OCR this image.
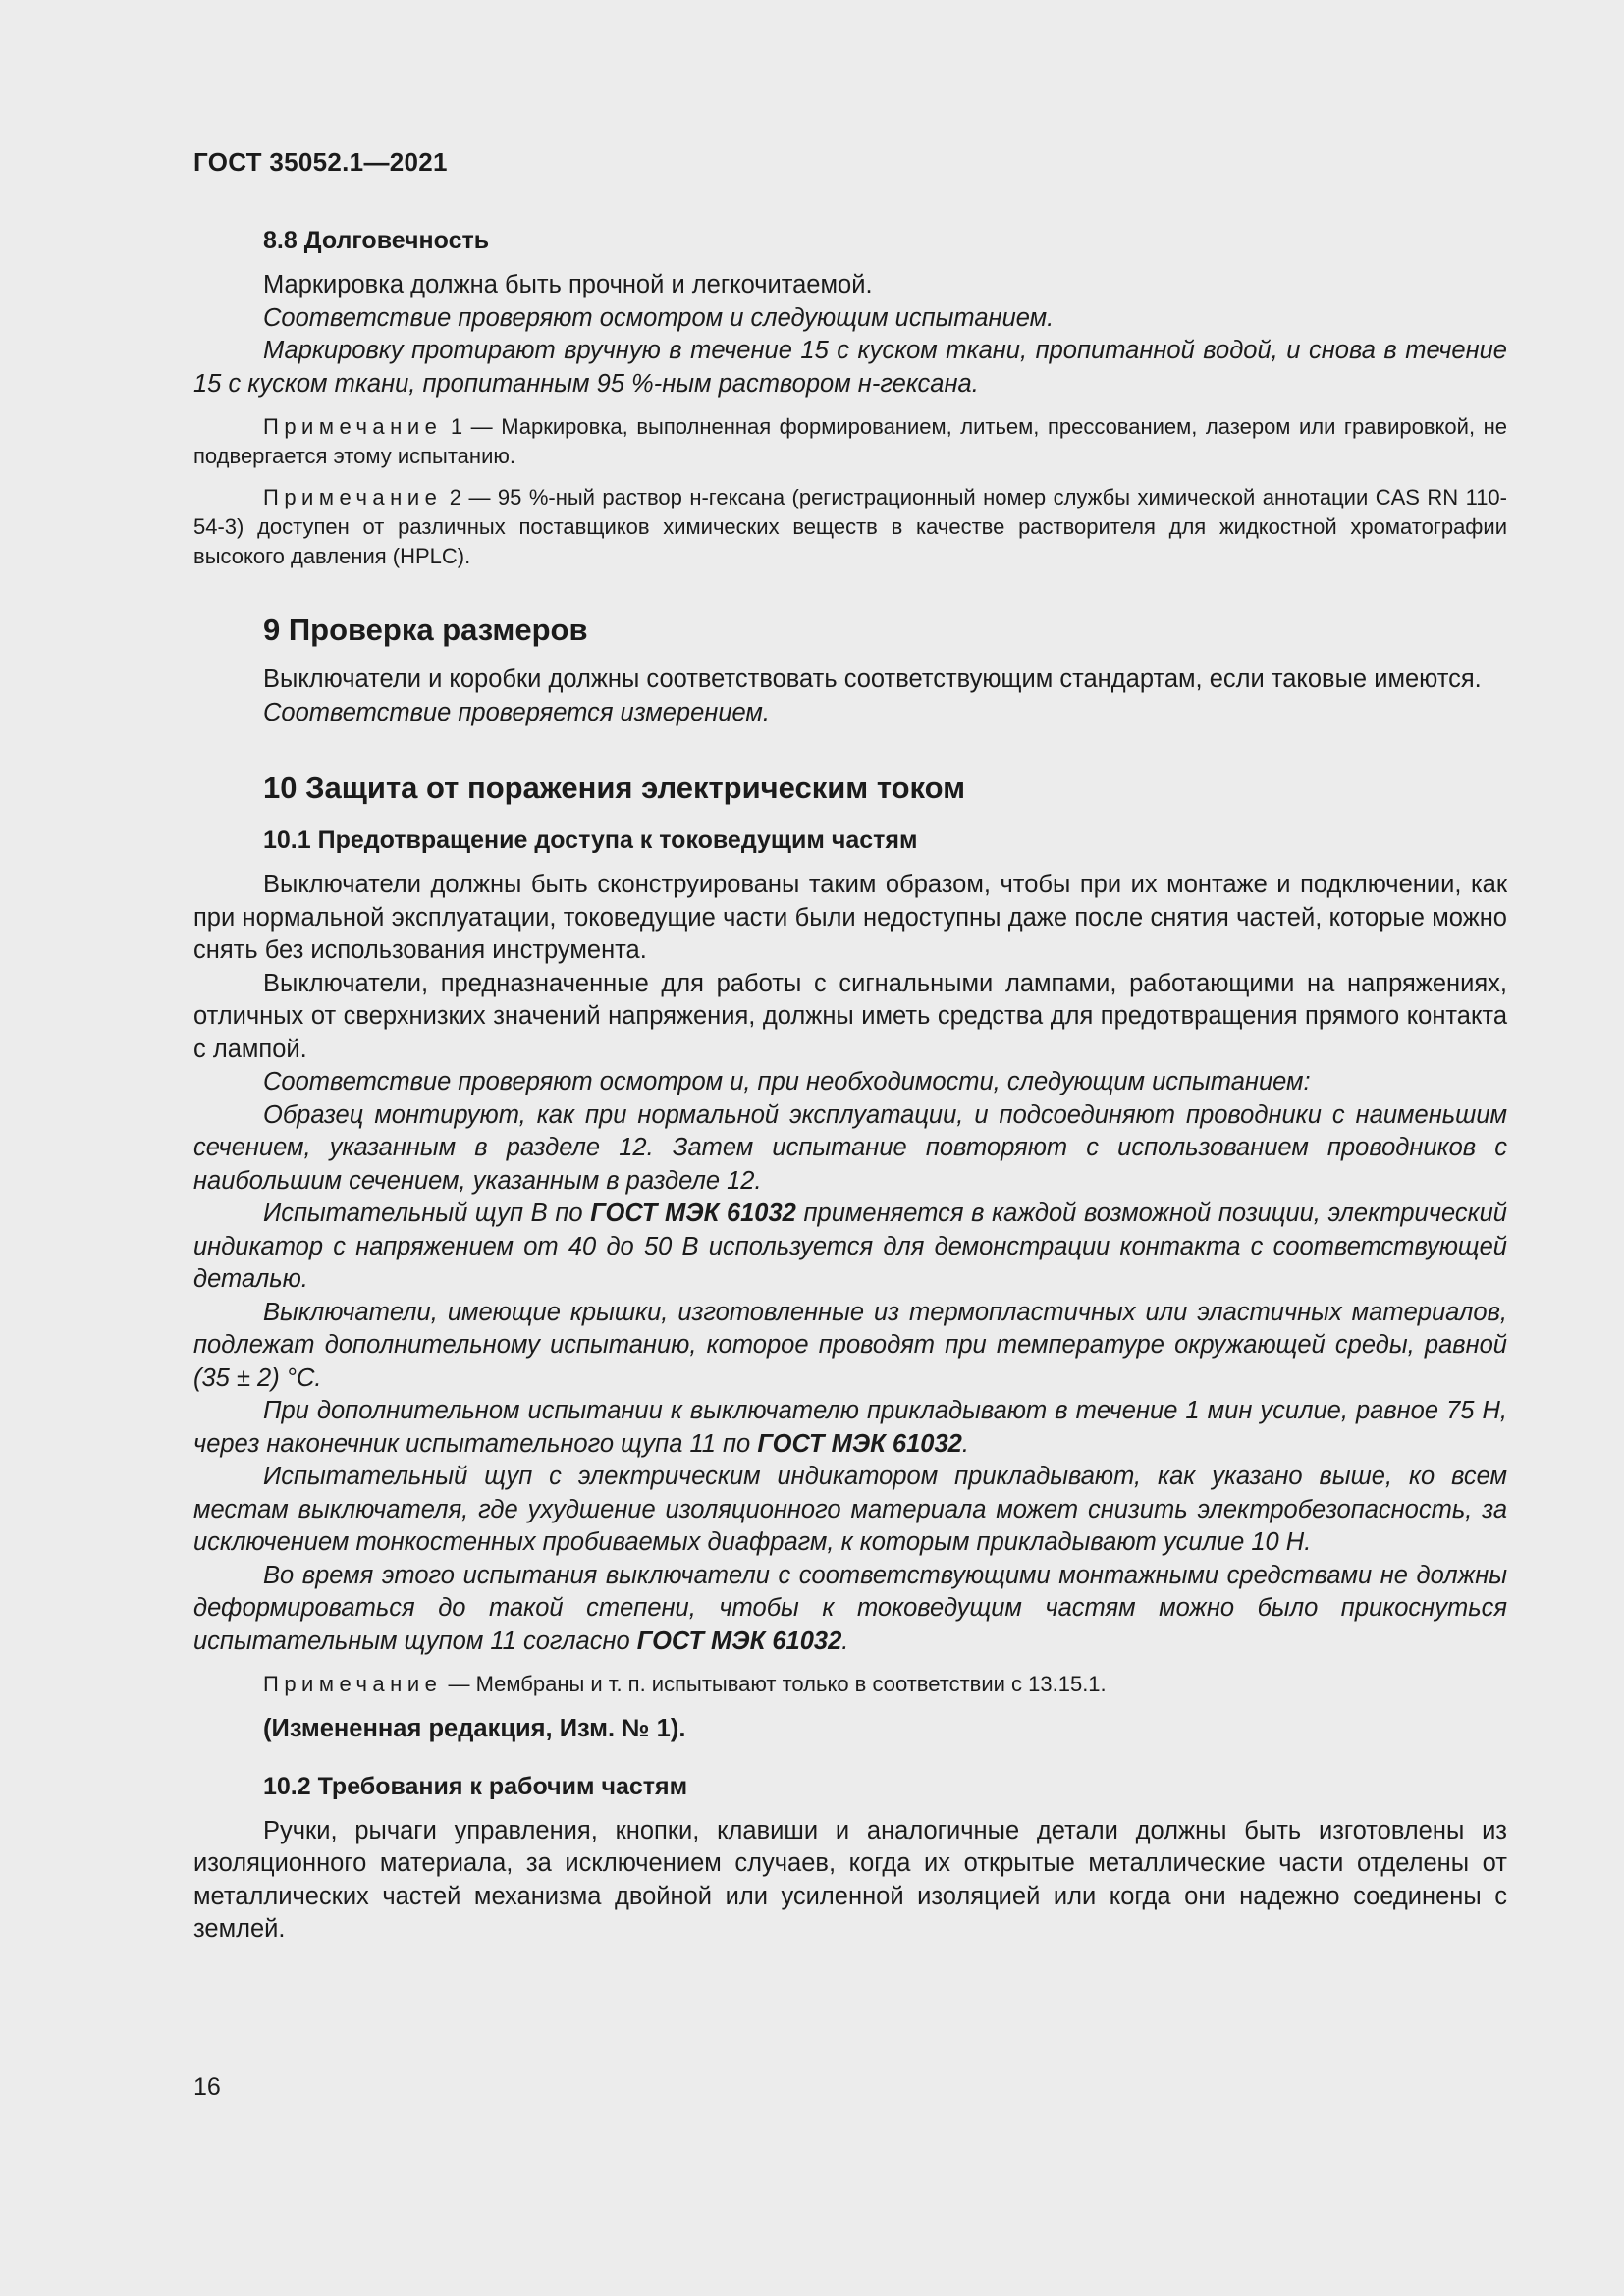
ГОСТ 35052.1—2021
8.8 Долговечность

Маркировка должна быть прочной и легкочитаемой.

Соответствие проверяют осмотром и следующим испытанием.

Маркировку протирают вручную в течение 15 с куском ткани, пропитанной водой, и снова в течение 15 с куском ткани, пропитанным 95 %-ным раствором н-гексана.

Примечание 1 — Маркировка, выполненная формированием, литьем, прессованием, лазером или гравировкой, не подвергается этому испытанию.

Примечание 2 — 95 %-ный раствор н-гексана (регистрационный номер службы химической аннотации CAS RN 110-54-3) доступен от различных поставщиков химических веществ в качестве растворителя для жидкостной хроматографии высокого давления (HPLC).

9 Проверка размеров

Выключатели и коробки должны соответствовать соответствующим стандартам, если таковые имеются.

Соответствие проверяется измерением.

10 Защита от поражения электрическим током
10.1 Предотвращение доступа к токоведущим частям

Выключатели должны быть сконструированы таким образом, чтобы при их монтаже и подключении, как при нормальной эксплуатации, токоведущие части были недоступны даже после снятия частей, которые можно снять без использования инструмента.

Выключатели, предназначенные для работы с сигнальными лампами, работающими на напряжениях, отличных от сверхнизких значений напряжения, должны иметь средства для предотвращения прямого контакта с лампой.

Соответствие проверяют осмотром и, при необходимости, следующим испытанием:

Образец монтируют, как при нормальной эксплуатации, и подсоединяют проводники с наименьшим сечением, указанным в разделе 12. Затем испытание повторяют с использованием проводников с наибольшим сечением, указанным в разделе 12.

Испытательный щуп В по ГОСТ МЭК 61032 применяется в каждой возможной позиции, электрический индикатор с напряжением от 40 до 50 В используется для демонстрации контакта с соответствующей деталью.

Выключатели, имеющие крышки, изготовленные из термопластичных или эластичных материалов, подлежат дополнительному испытанию, которое проводят при температуре окружающей среды, равной (35 ± 2) °С.

При дополнительном испытании к выключателю прикладывают в течение 1 мин усилие, равное 75 Н, через наконечник испытательного щупа 11 по ГОСТ МЭК 61032.

Испытательный щуп с электрическим индикатором прикладывают, как указано выше, ко всем местам выключателя, где ухудшение изоляционного материала может снизить электробезопасность, за исключением тонкостенных пробиваемых диафрагм, к которым прикладывают усилие 10 Н.

Во время этого испытания выключатели с соответствующими монтажными средствами не должны деформироваться до такой степени, чтобы к токоведущим частям можно было прикоснуться испытательным щупом 11 согласно ГОСТ МЭК 61032.

Примечание — Мембраны и т. п. испытывают только в соответствии с 13.15.1.

(Измененная редакция, Изм. № 1).

10.2 Требования к рабочим частям

Ручки, рычаги управления, кнопки, клавиши и аналогичные детали должны быть изготовлены из изоляционного материала, за исключением случаев, когда их открытые металлические части отделены от металлических частей механизма двойной или усиленной изоляцией или когда они надежно соединены с землей.

16
